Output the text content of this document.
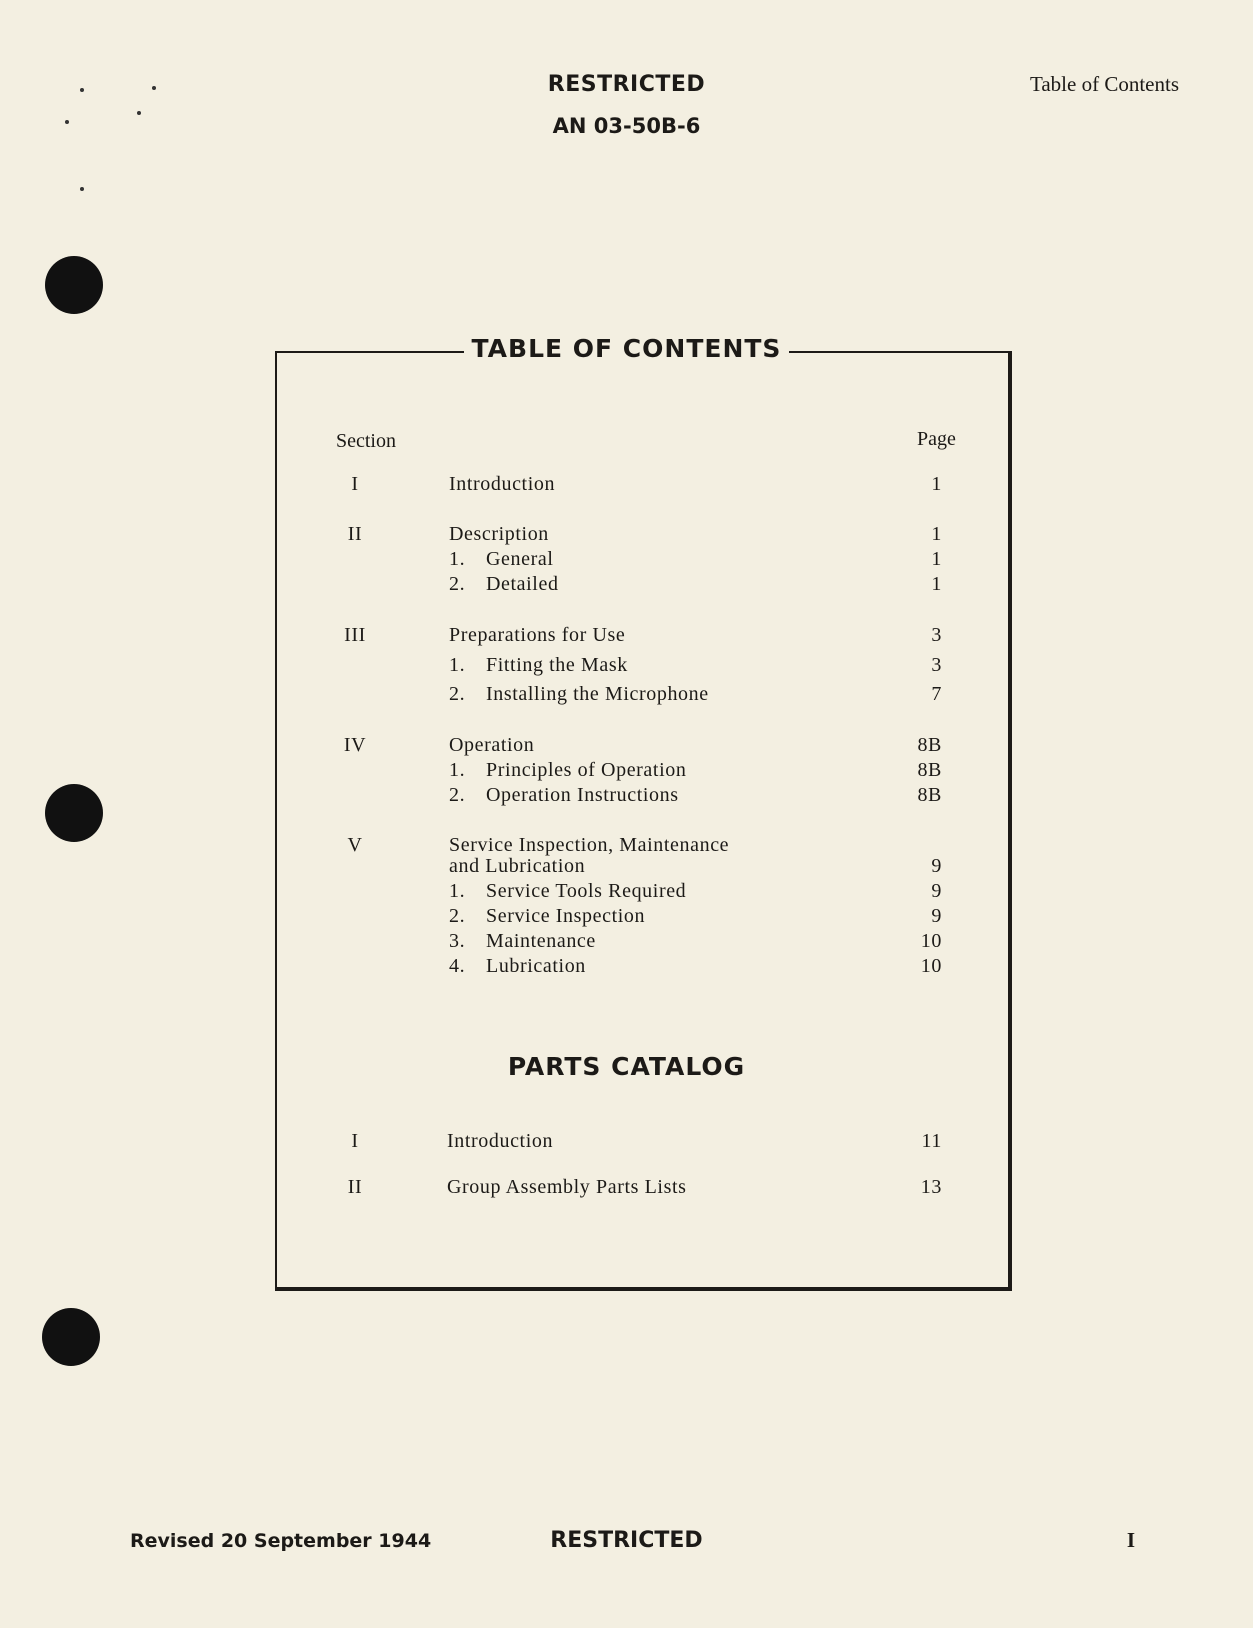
RESTRICTED
AN 03-50B-6
Table of Contents
TABLE OF CONTENTS
Section	Page
I	Introduction	1
II	Description	1
1.	General	1
2.	Detailed	1
III	Preparations for Use	3
1.	Fitting the Mask	3
2.	Installing the Microphone	7
IV	Operation	8B
1.	Principles of Operation	8B
2.	Operation Instructions	8B
V	Service Inspection, Maintenance
and Lubrication	9
1.	Service Tools Required	9
2.	Service Inspection	9
3.	Maintenance	10
4.	Lubrication	10
PARTS CATALOG
I	Introduction	11
II	Group Assembly Parts Lists	13
Revised 20 September 1944	RESTRICTED	I
